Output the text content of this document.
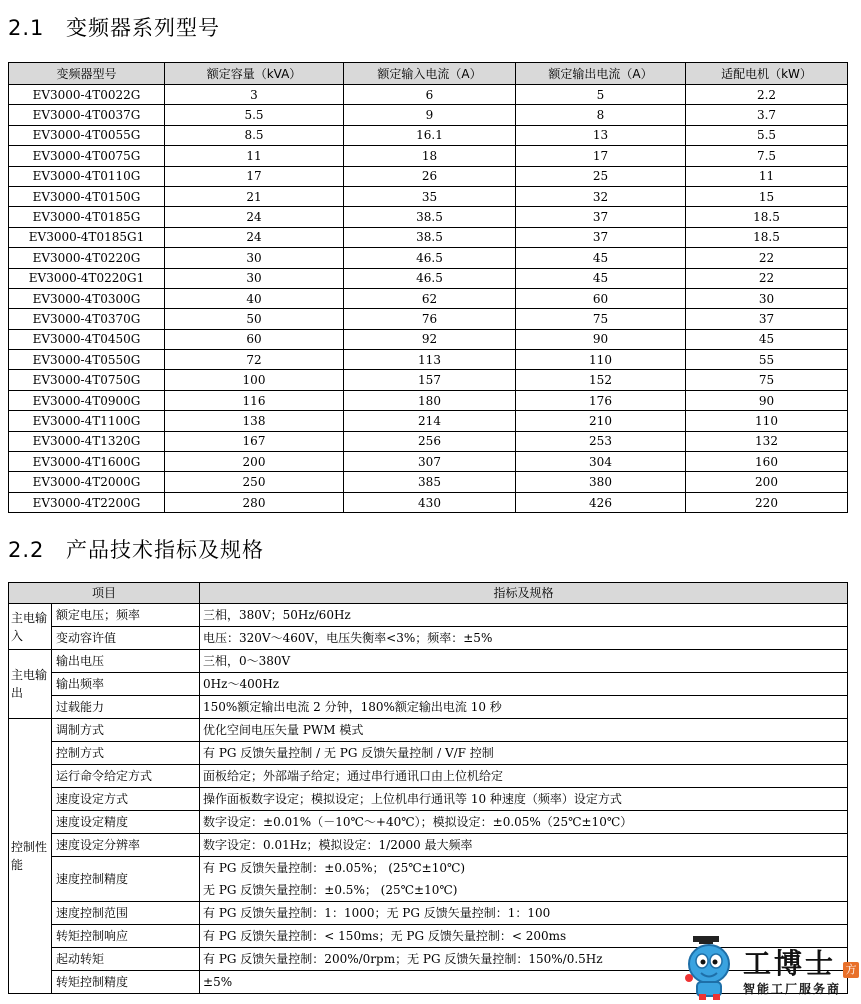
2.1 变频器系列型号
变频器型号	额定容量（kVA）	额定输入电流（A）	额定输出电流（A）	适配电机（kW）
EV3000-4T0022G	3	6	5	2.2
EV3000-4T0037G	5.5	9	8	3.7
EV3000-4T0055G	8.5	16.1	13	5.5
EV3000-4T0075G	11	18	17	7.5
EV3000-4T0110G	17	26	25	11
EV3000-4T0150G	21	35	32	15
EV3000-4T0185G	24	38.5	37	18.5
EV3000-4T0185G1	24	38.5	37	18.5
EV3000-4T0220G	30	46.5	45	22
EV3000-4T0220G1	30	46.5	45	22
EV3000-4T0300G	40	62	60	30
EV3000-4T0370G	50	76	75	37
EV3000-4T0450G	60	92	90	45
EV3000-4T0550G	72	113	110	55
EV3000-4T0750G	100	157	152	75
EV3000-4T0900G	116	180	176	90
EV3000-4T1100G	138	214	210	110
EV3000-4T1320G	167	256	253	132
EV3000-4T1600G	200	307	304	160
EV3000-4T2000G	250	385	380	200
EV3000-4T2200G	280	430	426	220
2.2 产品技术指标及规格
项目		指标及规格
主电输入	额定电压；频率	三相，380V；50Hz/60Hz
	变动容许值	电压：320V～460V，电压失衡率<3%；频率：±5%
主电输出	输出电压	三相，0～380V
	输出频率	0Hz～400Hz
	过载能力	150%额定输出电流 2 分钟，180%额定输出电流 10 秒
控制性能	调制方式	优化空间电压矢量 PWM 模式
	控制方式	有 PG 反馈矢量控制 / 无 PG 反馈矢量控制 / V/F 控制
	运行命令给定方式	面板给定；外部端子给定；通过串行通讯口由上位机给定
	速度设定方式	操作面板数字设定；模拟设定；上位机串行通讯等 10 种速度（频率）设定方式
	速度设定精度	数字设定：±0.01%（－10℃～+40℃）；模拟设定：±0.05%（25℃±10℃）
	速度设定分辨率	数字设定：0.01Hz；模拟设定：1/2000 最大频率
	速度控制精度	有 PG 反馈矢量控制：±0.05%； (25℃±10℃)
无 PG 反馈矢量控制：±0.5%； (25℃±10℃)

	速度控制范围	有 PG 反馈矢量控制：1：1000；无 PG 反馈矢量控制：1：100
	转矩控制响应	有 PG 反馈矢量控制：< 150ms；无 PG 反馈矢量控制：< 200ms
	起动转矩	有 PG 反馈矢量控制：200%/0rpm；无 PG 反馈矢量控制：150%/0.5Hz
	转矩控制精度	±5%
工博士 方
智能工厂服务商
